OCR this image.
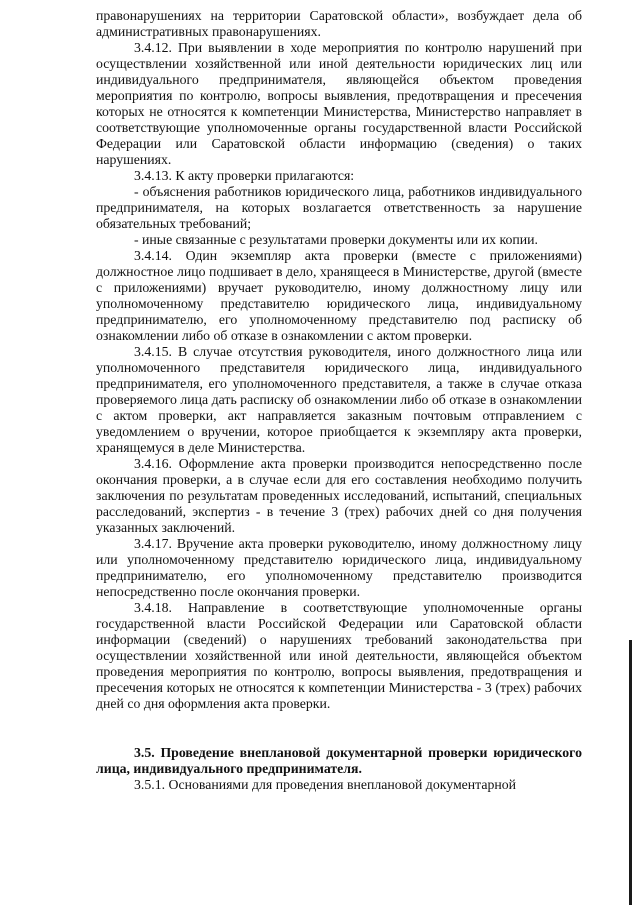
правонарушениях на территории Саратовской области», возбуждает дела об административных правонарушениях.

3.4.12. При выявлении в ходе мероприятия по контролю нарушений при осуществлении хозяйственной или иной деятельности юридических лиц или индивидуального предпринимателя, являющейся объектом проведения мероприятия по контролю, вопросы выявления, предотвращения и пресечения которых не относятся к компетенции Министерства, Министерство направляет в соответствующие уполномоченные органы государственной власти Российской Федерации или Саратовской области информацию (сведения) о таких нарушениях.

3.4.13. К акту проверки прилагаются:

- объяснения работников юридического лица, работников индивидуального предпринимателя, на которых возлагается ответственность за нарушение обязательных требований;

- иные связанные с результатами проверки документы или их копии.

3.4.14. Один экземпляр акта проверки (вместе с приложениями) должностное лицо подшивает в дело, хранящееся в Министерстве, другой (вместе с приложениями) вручает руководителю, иному должностному лицу или уполномоченному представителю юридического лица, индивидуальному предпринимателю, его уполномоченному представителю под расписку об ознакомлении либо об отказе в ознакомлении с актом проверки.

3.4.15. В случае отсутствия руководителя, иного должностного лица или уполномоченного представителя юридического лица, индивидуального предпринимателя, его уполномоченного представителя, а также в случае отказа проверяемого лица дать расписку об ознакомлении либо об отказе в ознакомлении с актом проверки, акт направляется заказным почтовым отправлением с уведомлением о вручении, которое приобщается к экземпляру акта проверки, хранящемуся в деле Министерства.

3.4.16. Оформление акта проверки производится непосредственно после окончания проверки, а в случае если для его составления необходимо получить заключения по результатам проведенных исследований, испытаний, специальных расследований, экспертиз - в течение 3 (трех) рабочих дней со дня получения указанных заключений.

3.4.17. Вручение акта проверки руководителю, иному должностному лицу или уполномоченному представителю юридического лица, индивидуальному предпринимателю, его уполномоченному представителю производится непосредственно после окончания проверки.

3.4.18. Направление в соответствующие уполномоченные органы государственной власти Российской Федерации или Саратовской области информации (сведений) о нарушениях требований законодательства при осуществлении хозяйственной или иной деятельности, являющейся объектом проведения мероприятия по контролю, вопросы выявления, предотвращения и пресечения которых не относятся к компетенции Министерства - 3 (трех) рабочих дней со дня оформления акта проверки.

3.5. Проведение внеплановой документарной проверки юридического лица, индивидуального предпринимателя.

3.5.1. Основаниями для проведения внеплановой документарной
